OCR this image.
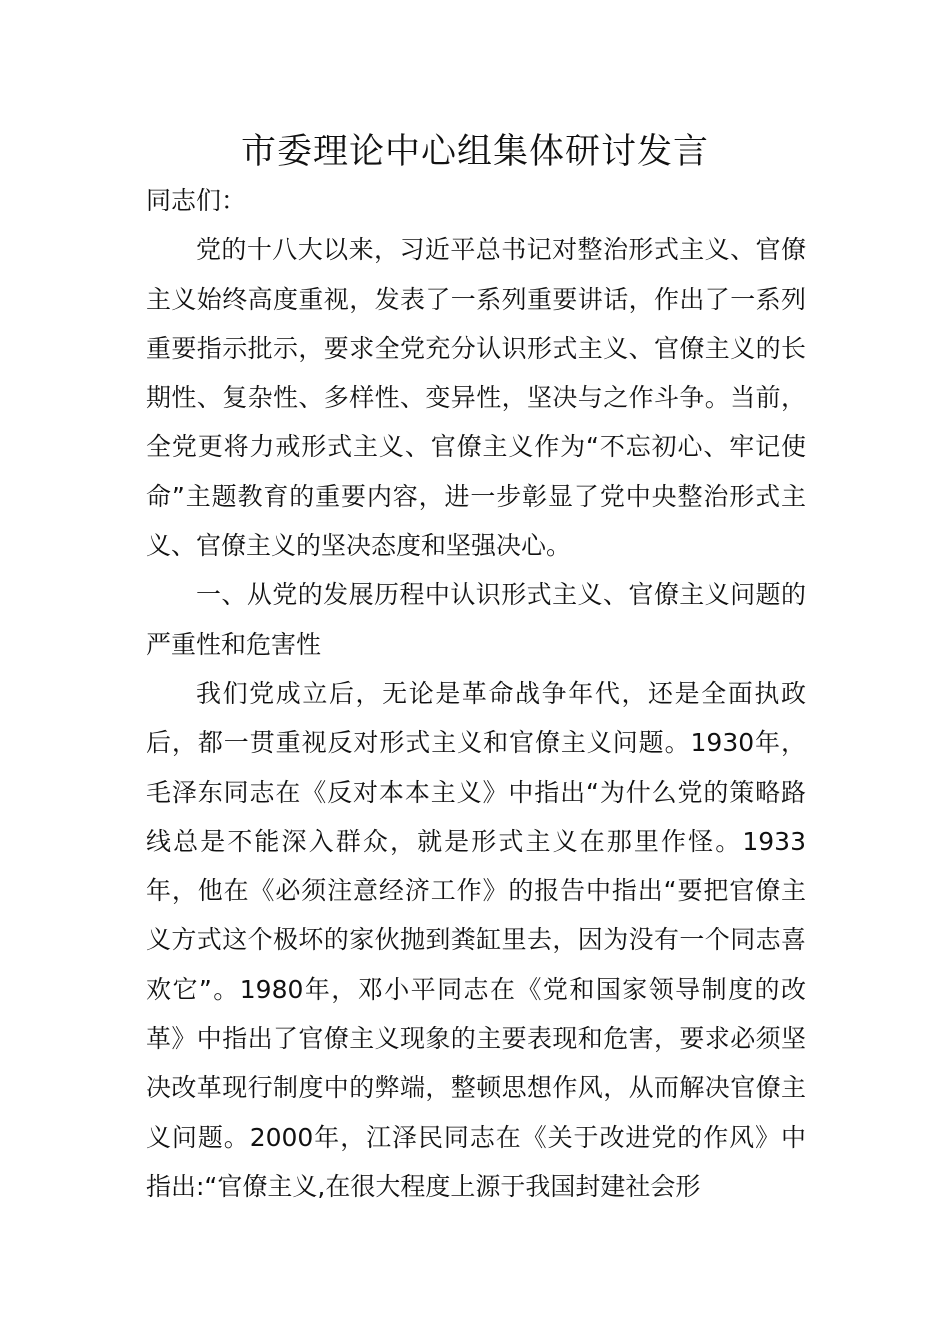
市委理论中心组集体研讨发言

同志们：

党的十八大以来，习近平总书记对整治形式主义、官僚主义始终高度重视，发表了一系列重要讲话，作出了一系列重要指示批示，要求全党充分认识形式主义、官僚主义的长期性、复杂性、多样性、变异性，坚决与之作斗争。当前，全党更将力戒形式主义、官僚主义作为“不忘初心、牢记使命”主题教育的重要内容，进一步彰显了党中央整治形式主义、官僚主义的坚决态度和坚强决心。

一、从党的发展历程中认识形式主义、官僚主义问题的严重性和危害性

我们党成立后，无论是革命战争年代，还是全面执政后，都一贯重视反对形式主义和官僚主义问题。1930年，毛泽东同志在《反对本本主义》中指出“为什么党的策略路线总是不能深入群众，就是形式主义在那里作怪。1933年，他在《必须注意经济工作》的报告中指出“要把官僚主义方式这个极坏的家伙抛到粪缸里去，因为没有一个同志喜欢它”。1980年，邓小平同志在《党和国家领导制度的改革》中指出了官僚主义现象的主要表现和危害，要求必须坚决改革现行制度中的弊端，整顿思想作风，从而解决官僚主义问题。2000年，江泽民同志在《关于改进党的作风》中指出:“官僚主义,在很大程度上源于我国封建社会形
